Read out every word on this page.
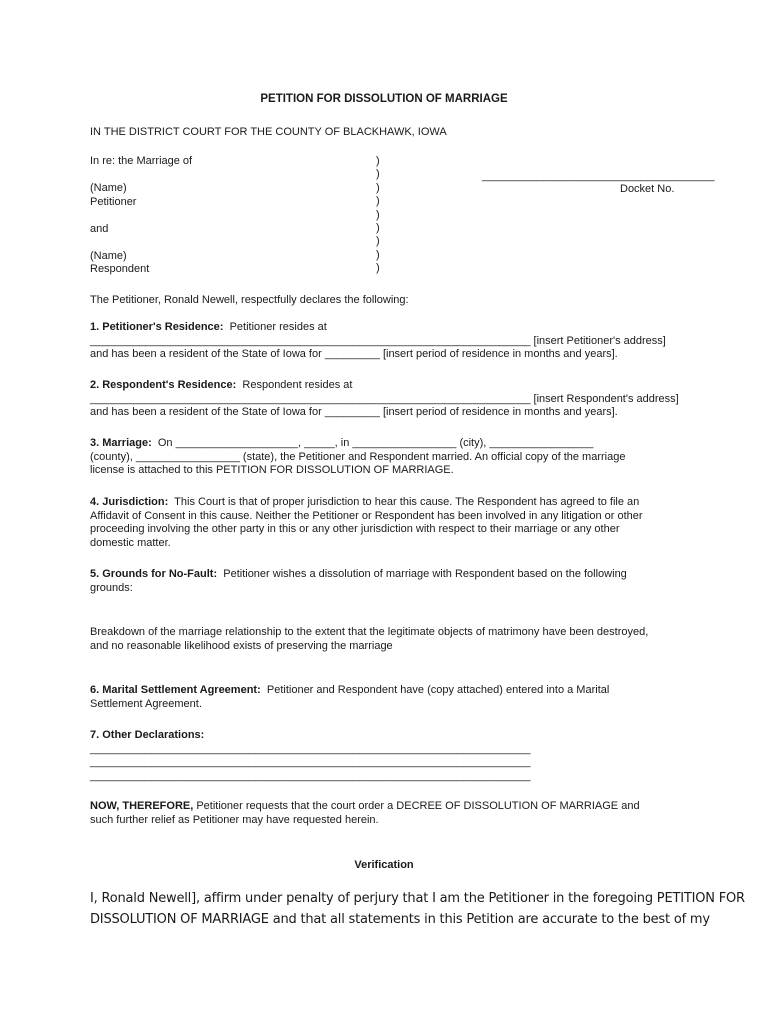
PETITION FOR DISSOLUTION OF MARRIAGE
IN THE DISTRICT COURT FOR THE COUNTY OF BLACKHAWK, IOWA
In re: the Marriage of
(Name)
Petitioner
and
(Name)
Respondent
)
)
)
)
)
)
)
)
)
______________________________________
Docket No.
The Petitioner, Ronald Newell, respectfully declares the following:
1. Petitioner's Residence: Petitioner resides at
________________________________________________________________________ [insert Petitioner's address]
and has been a resident of the State of Iowa for _________ [insert period of residence in months and years].
2. Respondent's Residence: Respondent resides at
________________________________________________________________________ [insert Respondent's address]
and has been a resident of the State of Iowa for _________ [insert period of residence in months and years].
3. Marriage: On ____________________, _____, in _________________ (city), _________________
(county), _________________ (state), the Petitioner and Respondent married. An official copy of the marriage
license is attached to this PETITION FOR DISSOLUTION OF MARRIAGE.
4. Jurisdiction: This Court is that of proper jurisdiction to hear this cause. The Respondent has agreed to file an
Affidavit of Consent in this cause. Neither the Petitioner or Respondent has been involved in any litigation or other
proceeding involving the other party in this or any other jurisdiction with respect to their marriage or any other
domestic matter.
5. Grounds for No-Fault: Petitioner wishes a dissolution of marriage with Respondent based on the following
grounds:
Breakdown of the marriage relationship to the extent that the legitimate objects of matrimony have been destroyed,
and no reasonable likelihood exists of preserving the marriage
6. Marital Settlement Agreement: Petitioner and Respondent have (copy attached) entered into a Marital
Settlement Agreement.
7. Other Declarations:
________________________________________________________________________
________________________________________________________________________
________________________________________________________________________
NOW, THEREFORE, Petitioner requests that the court order a DECREE OF DISSOLUTION OF MARRIAGE and
such further relief as Petitioner may have requested herein.
Verification
I, Ronald Newell], affirm under penalty of perjury that I am the Petitioner in the foregoing PETITION FOR
DISSOLUTION OF MARRIAGE and that all statements in this Petition are accurate to the best of my
